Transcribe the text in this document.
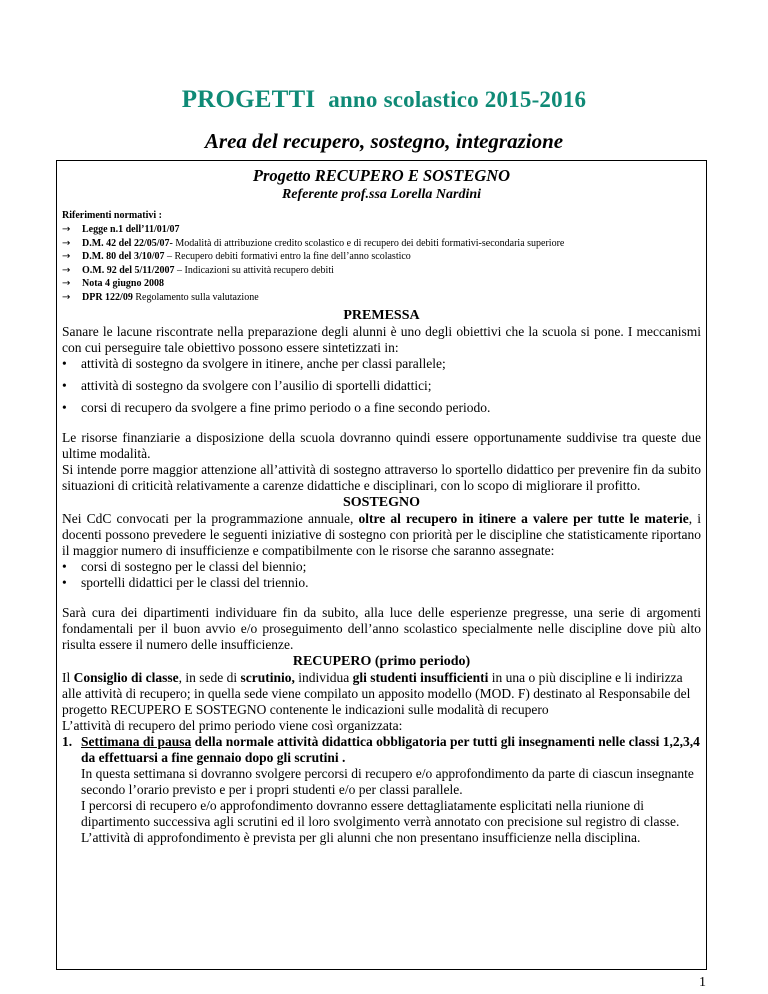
PROGETTI anno scolastico 2015-2016
Area del recupero, sostegno, integrazione
Progetto RECUPERO E SOSTEGNO
Referente prof.ssa Lorella Nardini
Riferimenti normativi :
→	Legge n.1 dell’11/01/07
→	D.M. 42 del 22/05/07- Modalità di attribuzione credito scolastico e di recupero dei debiti formativi-secondaria superiore
→	D.M. 80 del 3/10/07 – Recupero debiti formativi entro la fine dell’anno scolastico
→	O.M. 92 del 5/11/2007 – Indicazioni su attività recupero debiti
→	Nota 4 giugno 2008
→	DPR 122/09 Regolamento sulla valutazione
PREMESSA

Sanare le lacune riscontrate nella preparazione degli alunni è uno degli obiettivi che la scuola si pone. I meccanismi con cui perseguire tale obiettivo possono essere sintetizzati in:

•	attività di sostegno da svolgere in itinere, anche per classi parallele;
•	attività di sostegno da svolgere con l’ausilio di sportelli didattici;
•	corsi di recupero da svolgere a fine primo periodo o a fine secondo periodo.

Le risorse finanziarie a disposizione della scuola dovranno quindi essere opportunamente suddivise tra queste due ultime modalità.

Si intende porre maggior attenzione all’attività di sostegno attraverso lo sportello didattico per prevenire fin da subito situazioni di criticità relativamente a carenze didattiche e disciplinari, con lo scopo di migliorare il profitto.

SOSTEGNO

Nei CdC convocati per la programmazione annuale, oltre al recupero in itinere a valere per tutte le materie, i docenti possono prevedere le seguenti iniziative di sostegno con priorità per le discipline che statisticamente riportano il maggior numero di insufficienze e compatibilmente con le risorse che saranno assegnate:

•	corsi di sostegno per le classi del biennio;
•	sportelli didattici per le classi del triennio.

Sarà cura dei dipartimenti individuare fin da subito, alla luce delle esperienze pregresse, una serie di argomenti fondamentali per il buon avvio e/o proseguimento dell’anno scolastico specialmente nelle discipline dove più alto risulta essere il numero delle insufficienze.

RECUPERO (primo periodo)

Il Consiglio di classe, in sede di scrutinio, individua gli studenti insufficienti in una o più discipline e li indirizza alle attività di recupero; in quella sede viene compilato un apposito modello (MOD. F) destinato al Responsabile del progetto RECUPERO E SOSTEGNO contenente le indicazioni sulle modalità di recupero

L’attività di recupero del primo periodo viene così organizzata:

1. Settimana di pausa della normale attività didattica obbligatoria per tutti gli insegnamenti nelle classi 1,2,3,4 da effettuarsi a fine gennaio dopo gli scrutini .
In questa settimana si dovranno svolgere percorsi di recupero e/o approfondimento da parte di ciascun insegnante secondo l’orario previsto e per i propri studenti e/o per classi parallele.
I percorsi di recupero e/o approfondimento dovranno essere dettagliatamente esplicitati nella riunione di dipartimento successiva agli scrutini ed il loro svolgimento verrà annotato con precisione sul registro di classe.
L’attività di approfondimento è prevista per gli alunni che non presentano insufficienze nella disciplina.
1
